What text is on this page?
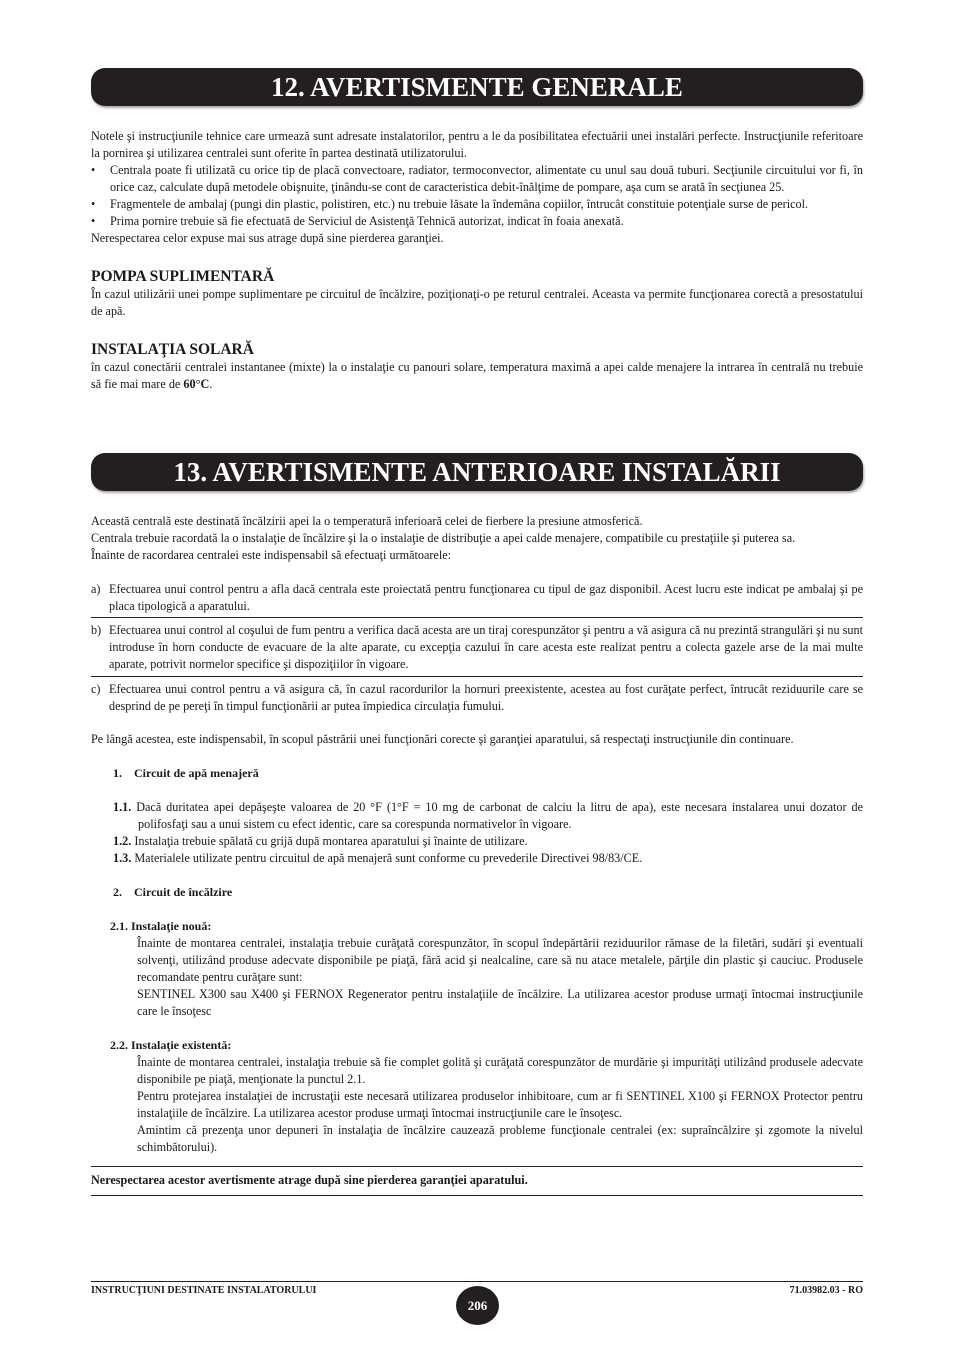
12. AVERTISMENTE GENERALE

Notele şi instrucţiunile tehnice care urmează sunt adresate instalatorilor, pentru a le da posibilitatea efectuării unei instalări perfecte. Instrucţiunile referitoare la pornirea şi utilizarea centralei sunt oferite în partea destinată utilizatorului.

• Centrala poate fi utilizată cu orice tip de placă convectoare, radiator, termoconvector, alimentate cu unul sau două tuburi. Secţiunile circuitului vor fi, în orice caz, calculate după metodele obişnuite, ţinându-se cont de caracteristica debit-înălţime de pompare, aşa cum se arată în secţiunea 25.
• Fragmentele de ambalaj (pungi din plastic, polistiren, etc.) nu trebuie lăsate la îndemâna copiilor, întrucât constituie potenţiale surse de pericol.
• Prima pornire trebuie să fie efectuată de Serviciul de Asistenţă Tehnică autorizat, indicat în foaia anexată.

Nerespectarea celor expuse mai sus atrage după sine pierderea garanţiei.

POMPA SUPLIMENTARĂ

În cazul utilizării unei pompe suplimentare pe circuitul de încălzire, poziţionaţi-o pe returul centralei. Aceasta va permite funcţionarea corectă a presostatului de apă.

INSTALAŢIA SOLARĂ

în cazul conectării centralei instantanee (mixte) la o instalaţie cu panouri solare, temperatura maximă a apei calde menajere la intrarea în centrală nu trebuie să fie mai mare de 60°C.

13. AVERTISMENTE ANTERIOARE INSTALĂRII

Această centrală este destinată încălzirii apei la o temperatură inferioară celei de fierbere la presiune atmosferică.

Centrala trebuie racordată la o instalaţie de încălzire şi la o instalaţie de distribuţie a apei calde menajere, compatibile cu prestaţiile şi puterea sa.

Înainte de racordarea centralei este indispensabil să efectuaţi următoarele:

a) Efectuarea unui control pentru a afla dacă centrala este proiectată pentru funcţionarea cu tipul de gaz disponibil. Acest lucru este indicat pe ambalaj şi pe placa tipologică a aparatului.
b) Efectuarea unui control al coşului de fum pentru a verifica dacă acesta are un tiraj corespunzător şi pentru a vă asigura că nu prezintă strangulări şi nu sunt introduse în horn conducte de evacuare de la alte aparate, cu excepţia cazului în care acesta este realizat pentru a colecta gazele arse de la mai multe aparate, potrivit normelor specifice şi dispoziţiilor în vigoare.
c) Efectuarea unui control pentru a vă asigura că, în cazul racordurilor la hornuri preexistente, acestea au fost curăţate perfect, întrucât reziduurile care se desprind de pe pereţi în timpul funcţionării ar putea împiedica circulaţia fumului.

Pe lângă acestea, este indispensabil, în scopul păstrării unei funcţionări corecte şi garanţiei aparatului, să respectaţi instrucţiunile din continuare.

1.    Circuit de apă menajeră

1.1. Dacă duritatea apei depăşeşte valoarea de 20 °F (1°F = 10 mg de carbonat de calciu la litru de apa), este necesara instalarea unui dozator de polifosfaţi sau a unui sistem cu efect identic, care sa corespunda normativelor în vigoare.

1.2. Instalaţia trebuie spălată cu grijă după montarea aparatului şi înainte de utilizare.

1.3. Materialele utilizate pentru circuitul de apă menajeră sunt conforme cu prevederile Directivei 98/83/CE.

2.    Circuit de încălzire
2.1. Instalaţie nouă:

Înainte de montarea centralei, instalaţia trebuie curăţată corespunzător, în scopul îndepărtării reziduurilor rămase de la filetări, sudări şi eventuali solvenţi, utilizând produse adecvate disponibile pe piaţă, fără acid şi nealcaline, care să nu atace metalele, părţile din plastic şi cauciuc. Produsele recomandate pentru curăţare sunt:

SENTINEL X300 sau X400 şi FERNOX Regenerator pentru instalaţiile de încălzire. La utilizarea acestor produse urmaţi întocmai instrucţiunile care le însoţesc

2.2. Instalaţie existentă:

Înainte de montarea centralei, instalaţia trebuie să fie complet golită şi curăţată corespunzător de murdărie şi impurităţi utilizând produsele adecvate disponibile pe piaţă, menţionate la punctul 2.1.

Pentru protejarea instalaţiei de incrustaţii este necesară utilizarea produselor inhibitoare, cum ar fi SENTINEL X100 şi FERNOX Protector pentru instalaţiile de încălzire. La utilizarea acestor produse urmaţi întocmai instrucţiunile care le însoţesc.

Amintim că prezenţa unor depuneri în instalaţia de încălzire cauzează probleme funcţionale centralei (ex: supraîncălzire şi zgomote la nivelul schimbătorului).

Nerespectarea acestor avertismente atrage după sine pierderea garanţiei aparatului.

INSTRUCŢIUNI DESTINATE INSTALATORULUI
206
71.03982.03 - RO
